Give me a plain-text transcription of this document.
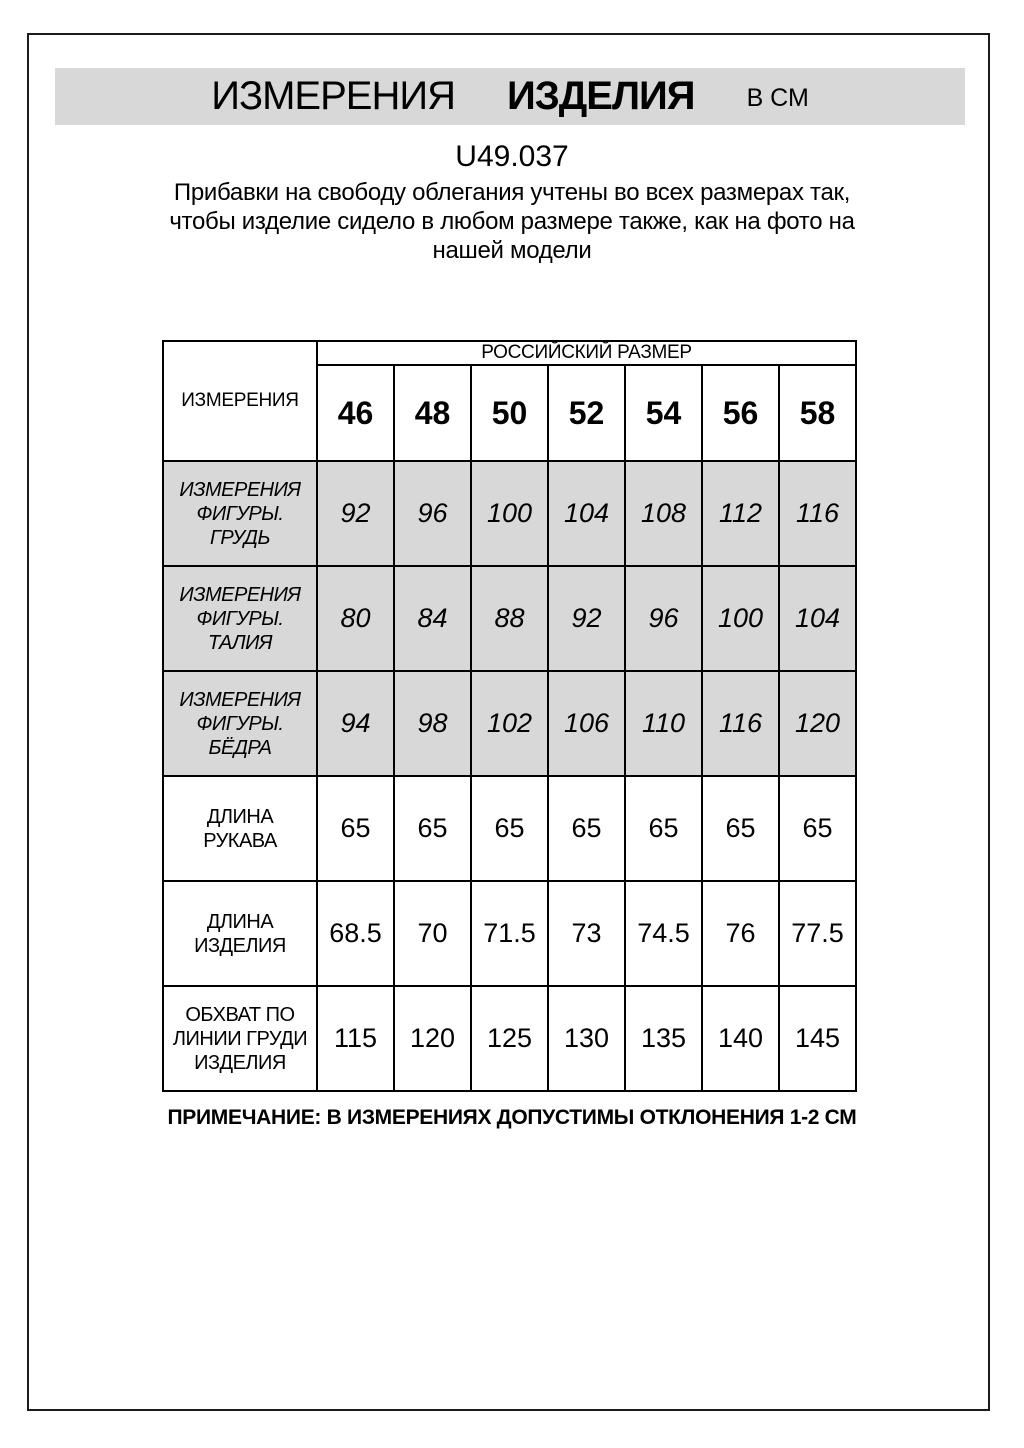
ИЗМЕРЕНИЯ ИЗДЕЛИЯ В СМ
U49.037
Прибавки на свободу облегания учтены во всех размерах так,
чтобы изделие сидело в любом размере также, как на фото на
нашей модели
ИЗМЕРЕНИЯ	РОССИЙСКИЙ РАЗМЕР						
	46	48	50	52	54	56	58
ИЗМЕРЕНИЯ ФИГУРЫ. ГРУДЬ	92	96	100	104	108	112	116
ИЗМЕРЕНИЯ ФИГУРЫ. ТАЛИЯ	80	84	88	92	96	100	104
ИЗМЕРЕНИЯ ФИГУРЫ. БЁДРА	94	98	102	106	110	116	120
ДЛИНА РУКАВА	65	65	65	65	65	65	65
ДЛИНА ИЗДЕЛИЯ	68.5	70	71.5	73	74.5	76	77.5
ОБХВАТ ПО ЛИНИИ ГРУДИ ИЗДЕЛИЯ	115	120	125	130	135	140	145
ПРИМЕЧАНИЕ: В ИЗМЕРЕНИЯХ ДОПУСТИМЫ ОТКЛОНЕНИЯ 1-2 СМ
